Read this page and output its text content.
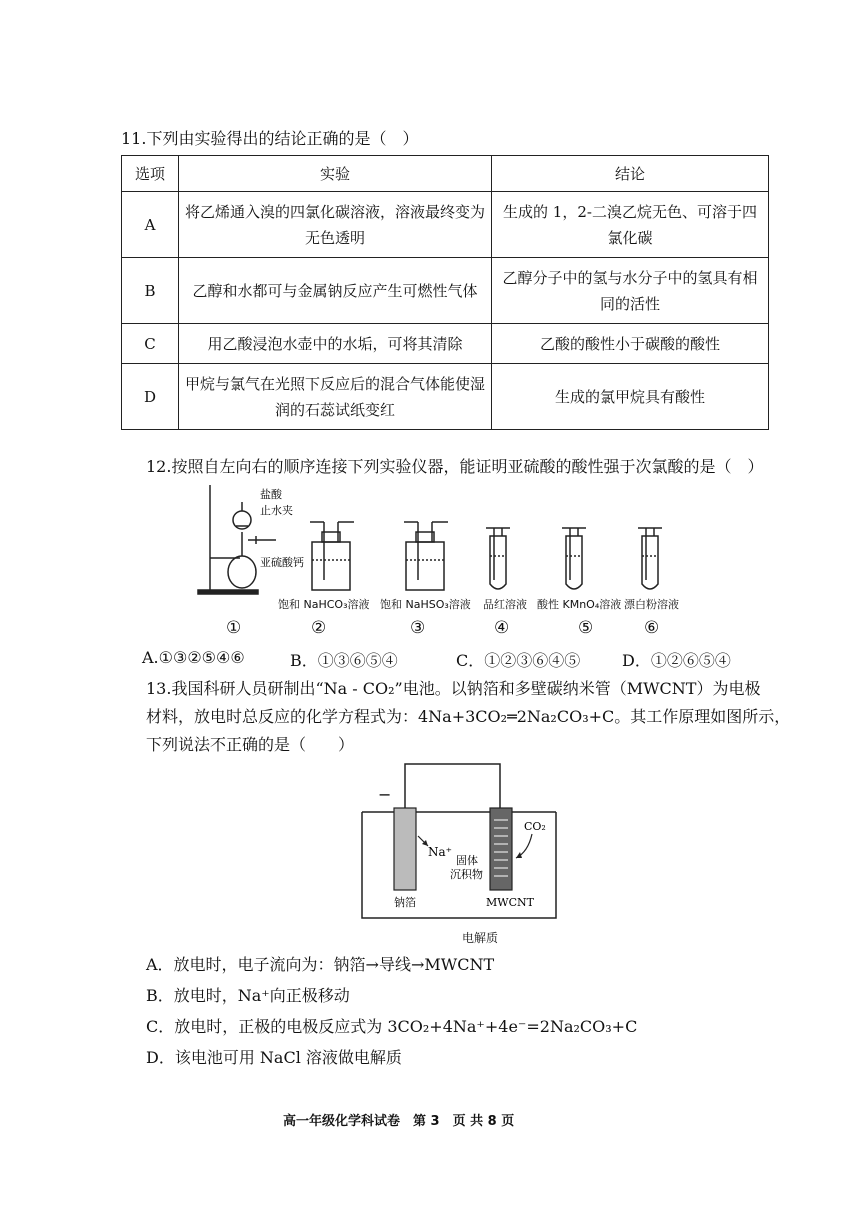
11.下列由实验得出的结论正确的是（　）
选项	实验	结论
A	将乙烯通入溴的四氯化碳溶液，溶液最终变为无色透明	生成的 1，2-二溴乙烷无色、可溶于四氯化碳
B	乙醇和水都可与金属钠反应产生可燃性气体	乙醇分子中的氢与水分子中的氢具有相同的活性
C	用乙酸浸泡水壶中的水垢，可将其清除	乙酸的酸性小于碳酸的酸性
D	甲烷与氯气在光照下反应后的混合气体能使湿润的石蕊试纸变红	生成的氯甲烷具有酸性
12.按照自左向右的顺序连接下列实验仪器，能证明亚硫酸的酸性强于次氯酸的是（　）
盐酸
止水夹
亚硫酸钙
饱和 NaHCO₃溶液 饱和 NaHSO₃溶液 品红溶液 酸性 KMnO₄溶液 漂白粉溶液
①	②	③	④	⑤	⑥
A.①③②⑤④⑥	B．①③⑥⑤④	C．①②③⑥④⑤	D．①②⑥⑤④
13.我国科研人员研制出“Na - CO₂”电池。以钠箔和多壁碳纳米管（MWCNT）为电极
材料，放电时总反应的化学方程式为：4Na+3CO₂═2Na₂CO₃+C。其工作原理如图所示，
下列说法不正确的是（　　）
−
Na⁺
CO₂
固体
沉积物
钠箔	MWCNT
电解质
A．放电时，电子流向为：钠箔→导线→MWCNT
B．放电时，Na⁺向正极移动
C．放电时，正极的电极反应式为 3CO₂+4Na⁺+4e⁻=2Na₂CO₃+C
D．该电池可用 NaCl 溶液做电解质
高一年级化学科试卷　第 3　页 共 8 页
